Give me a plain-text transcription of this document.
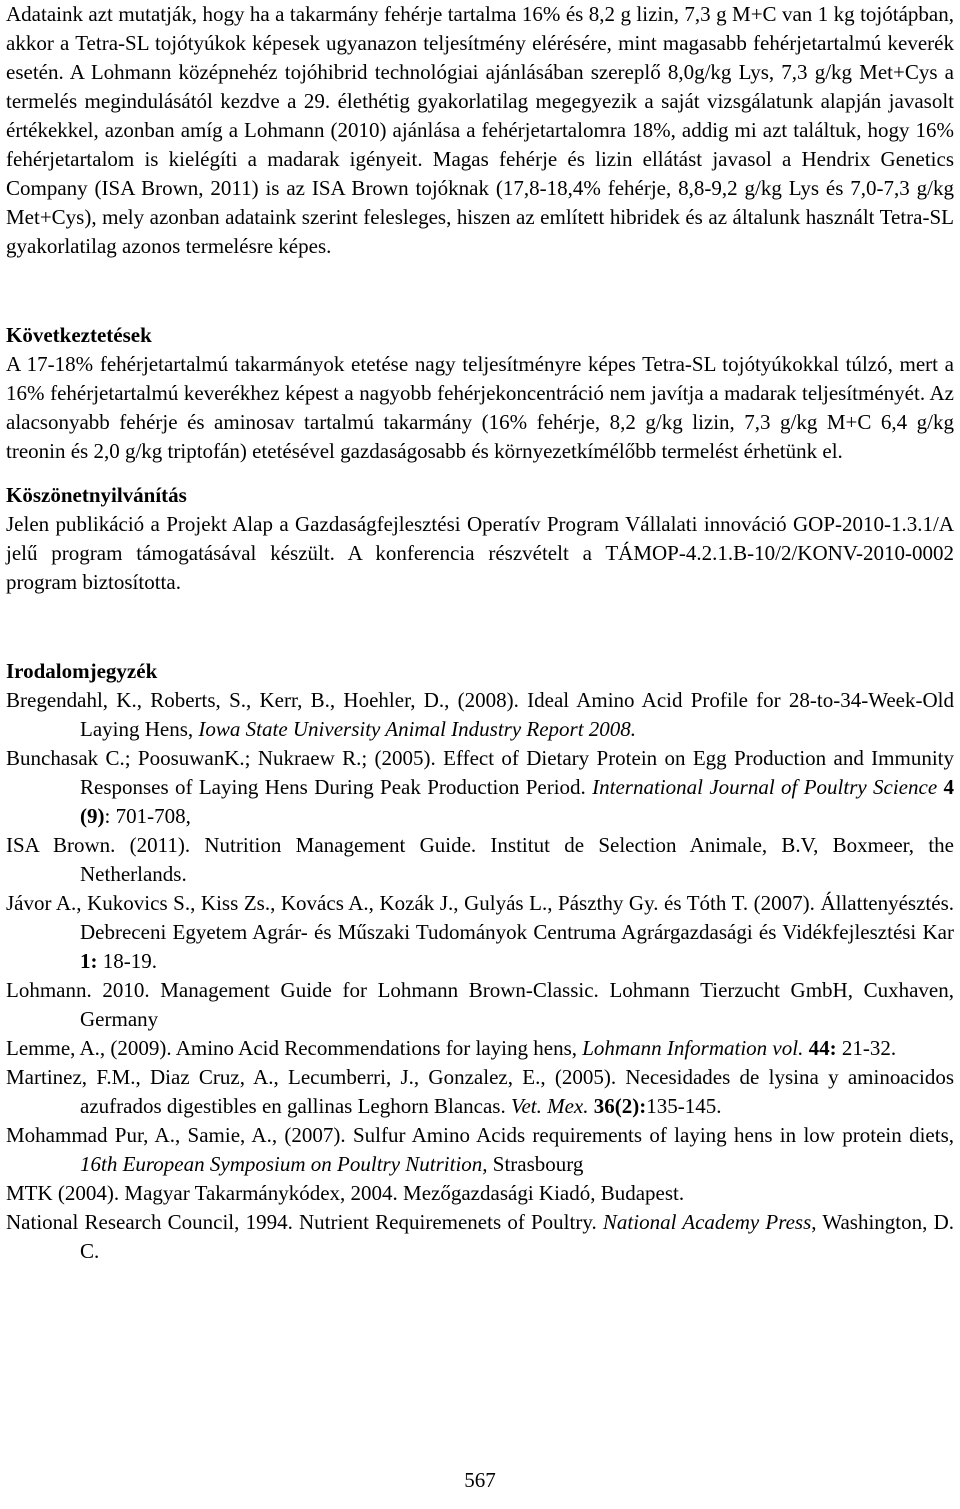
Adataink azt mutatják, hogy ha a takarmány fehérje tartalma 16% és 8,2 g lizin, 7,3 g M+C van 1 kg tojótápban, akkor a Tetra-SL tojótyúkok képesek ugyanazon teljesítmény elérésére, mint magasabb fehérjetartalmú keverék esetén. A Lohmann középnehéz tojóhibrid technológiai ajánlásában szereplő 8,0g/kg Lys, 7,3 g/kg Met+Cys a termelés megindulásától kezdve a 29. élethétig gyakorlatilag megegyezik a saját vizsgálatunk alapján javasolt értékekkel, azonban amíg a Lohmann (2010) ajánlása a fehérjetartalomra 18%, addig mi azt találtuk, hogy 16% fehérjetartalom is kielégíti a madarak igényeit. Magas fehérje és lizin ellátást javasol a Hendrix Genetics Company (ISA Brown, 2011) is az ISA Brown tojóknak (17,8-18,4% fehérje, 8,8-9,2 g/kg Lys és 7,0-7,3 g/kg Met+Cys), mely azonban adataink szerint felesleges, hiszen az említett hibridek és az általunk használt Tetra-SL gyakorlatilag azonos termelésre képes.

Következtetések

A 17-18% fehérjetartalmú takarmányok etetése nagy teljesítményre képes Tetra-SL tojótyúkokkal túlzó, mert a 16% fehérjetartalmú keverékhez képest a nagyobb fehérjekoncentráció nem javítja a madarak teljesítményét. Az alacsonyabb fehérje és aminosav tartalmú takarmány (16% fehérje, 8,2 g/kg lizin, 7,3 g/kg M+C 6,4 g/kg treonin és 2,0 g/kg triptofán) etetésével gazdaságosabb és környezetkímélőbb termelést érhetünk el.

Köszönetnyilvánítás

Jelen publikáció a Projekt Alap a Gazdaságfejlesztési Operatív Program Vállalati innováció GOP-2010-1.3.1/A jelű program támogatásával készült. A konferencia részvételt a TÁMOP-4.2.1.B-10/2/KONV-2010-0002 program biztosította.

Irodalomjegyzék
Bregendahl, K., Roberts, S., Kerr, B., Hoehler, D., (2008). Ideal Amino Acid Profile for 28-to-34-Week-Old Laying Hens, Iowa State University Animal Industry Report 2008.
Bunchasak C.; PoosuwanK.; Nukraew R.; (2005). Effect of Dietary Protein on Egg Production and Immunity Responses of Laying Hens During Peak Production Period. International Journal of Poultry Science 4 (9): 701-708,
ISA Brown. (2011). Nutrition Management Guide. Institut de Selection Animale, B.V, Boxmeer, the Netherlands.
Jávor A., Kukovics S., Kiss Zs., Kovács A., Kozák J., Gulyás L., Pászthy Gy. és Tóth T. (2007). Állattenyésztés. Debreceni Egyetem Agrár- és Műszaki Tudományok Centruma Agrárgazdasági és Vidékfejlesztési Kar 1: 18-19.
Lohmann. 2010. Management Guide for Lohmann Brown-Classic. Lohmann Tierzucht GmbH, Cuxhaven, Germany
Lemme, A., (2009). Amino Acid Recommendations for laying hens, Lohmann Information vol. 44: 21-32.
Martinez, F.M., Diaz Cruz, A., Lecumberri, J., Gonzalez, E., (2005). Necesidades de lysina y aminoacidos azufrados digestibles en gallinas Leghorn Blancas. Vet. Mex. 36(2):135-145.
Mohammad Pur, A., Samie, A., (2007). Sulfur Amino Acids requirements of laying hens in low protein diets, 16th European Symposium on Poultry Nutrition, Strasbourg
MTK (2004). Magyar Takarmánykódex, 2004. Mezőgazdasági Kiadó, Budapest.
National Research Council, 1994. Nutrient Requiremenets of Poultry. National Academy Press, Washington, D. C.
567
